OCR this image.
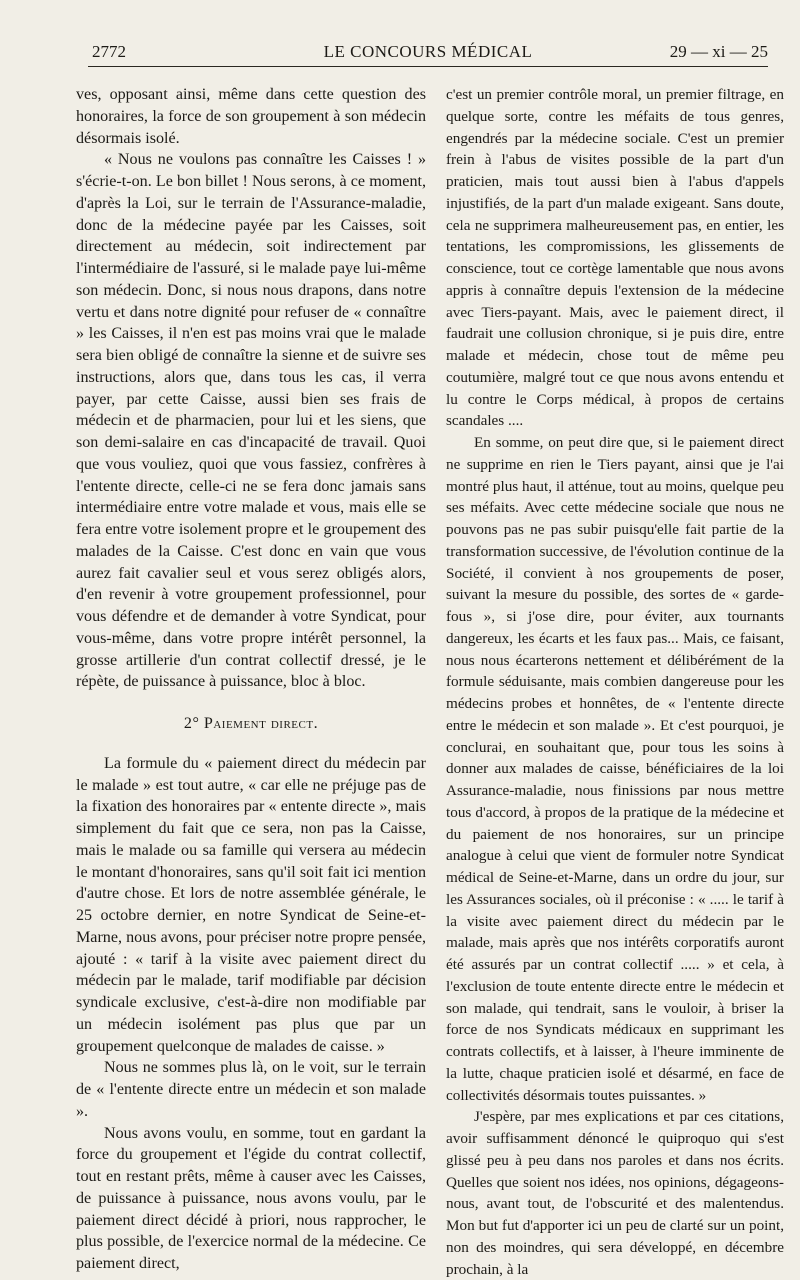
2772	LE CONCOURS MÉDICAL	29 — xi — 25

ves, opposant ainsi, même dans cette question des honoraires, la force de son groupement à son médecin désormais isolé.

« Nous ne voulons pas connaître les Caisses ! » s'écrie-t-on. Le bon billet ! Nous serons, à ce moment, d'après la Loi, sur le terrain de l'Assurance-maladie, donc de la médecine payée par les Caisses, soit directement au médecin, soit indirectement par l'intermédiaire de l'assuré, si le malade paye lui-même son médecin. Donc, si nous nous drapons, dans notre vertu et dans notre dignité pour refuser de « connaître » les Caisses, il n'en est pas moins vrai que le malade sera bien obligé de connaître la sienne et de suivre ses instructions, alors que, dans tous les cas, il verra payer, par cette Caisse, aussi bien ses frais de médecin et de pharmacien, pour lui et les siens, que son demi-salaire en cas d'incapacité de travail. Quoi que vous vouliez, quoi que vous fassiez, confrères à l'entente directe, celle-ci ne se fera donc jamais sans intermédiaire entre votre malade et vous, mais elle se fera entre votre isolement propre et le groupement des malades de la Caisse. C'est donc en vain que vous aurez fait cavalier seul et vous serez obligés alors, d'en revenir à votre groupement professionnel, pour vous défendre et de demander à votre Syndicat, pour vous-même, dans votre propre intérêt personnel, la grosse artillerie d'un contrat collectif dressé, je le répète, de puissance à puissance, bloc à bloc.

2° Paiement direct.

La formule du « paiement direct du médecin par le malade » est tout autre, « car elle ne préjuge pas de la fixation des honoraires par « entente directe », mais simplement du fait que ce sera, non pas la Caisse, mais le malade ou sa famille qui versera au médecin le montant d'honoraires, sans qu'il soit fait ici mention d'autre chose. Et lors de notre assemblée générale, le 25 octobre dernier, en notre Syndicat de Seine-et-Marne, nous avons, pour préciser notre propre pensée, ajouté : « tarif à la visite avec paiement direct du médecin par le malade, tarif modifiable par décision syndicale exclusive, c'est-à-dire non modifiable par un médecin isolément pas plus que par un groupement quelconque de malades de caisse. »

Nous ne sommes plus là, on le voit, sur le terrain de « l'entente directe entre un médecin et son malade ».

Nous avons voulu, en somme, tout en gardant la force du groupement et l'égide du contrat collectif, tout en restant prêts, même à causer avec les Caisses, de puissance à puissance, nous avons voulu, par le paiement direct décidé à priori, nous rapprocher, le plus possible, de l'exercice normal de la médecine. Ce paiement direct,

c'est un premier contrôle moral, un premier filtrage, en quelque sorte, contre les méfaits de tous genres, engendrés par la médecine sociale. C'est un premier frein à l'abus de visites possible de la part d'un praticien, mais tout aussi bien à l'abus d'appels injustifiés, de la part d'un malade exigeant. Sans doute, cela ne supprimera malheureusement pas, en entier, les tentations, les compromissions, les glissements de conscience, tout ce cortège lamentable que nous avons appris à connaître depuis l'extension de la médecine avec Tiers-payant. Mais, avec le paiement direct, il faudrait une collusion chronique, si je puis dire, entre malade et médecin, chose tout de même peu coutumière, malgré tout ce que nous avons entendu et lu contre le Corps médical, à propos de certains scandales ....

En somme, on peut dire que, si le paiement direct ne supprime en rien le Tiers payant, ainsi que je l'ai montré plus haut, il atténue, tout au moins, quelque peu ses méfaits. Avec cette médecine sociale que nous ne pouvons pas ne pas subir puisqu'elle fait partie de la transformation successive, de l'évolution continue de la Société, il convient à nos groupements de poser, suivant la mesure du possible, des sortes de « garde-fous », si j'ose dire, pour éviter, aux tournants dangereux, les écarts et les faux pas... Mais, ce faisant, nous nous écarterons nettement et délibérément de la formule séduisante, mais combien dangereuse pour les médecins probes et honnêtes, de « l'entente directe entre le médecin et son malade ». Et c'est pourquoi, je conclurai, en souhaitant que, pour tous les soins à donner aux malades de caisse, bénéficiaires de la loi Assurance-maladie, nous finissions par nous mettre tous d'accord, à propos de la pratique de la médecine et du paiement de nos honoraires, sur un principe analogue à celui que vient de formuler notre Syndicat médical de Seine-et-Marne, dans un ordre du jour, sur les Assurances sociales, où il préconise : « ..... le tarif à la visite avec paiement direct du médecin par le malade, mais après que nos intérêts corporatifs auront été assurés par un contrat collectif ..... » et cela, à l'exclusion de toute entente directe entre le médecin et son malade, qui tendrait, sans le vouloir, à briser la force de nos Syndicats médicaux en supprimant les contrats collectifs, et à laisser, à l'heure imminente de la lutte, chaque praticien isolé et désarmé, en face de collectivités désormais toutes puissantes. »

J'espère, par mes explications et par ces citations, avoir suffisamment dénoncé le quiproquo qui s'est glissé peu à peu dans nos paroles et dans nos écrits. Quelles que soient nos idées, nos opinions, dégageons-nous, avant tout, de l'obscurité et des malentendus. Mon but fut d'apporter ici un peu de clarté sur un point, non des moindres, qui sera développé, en décembre prochain, à la
